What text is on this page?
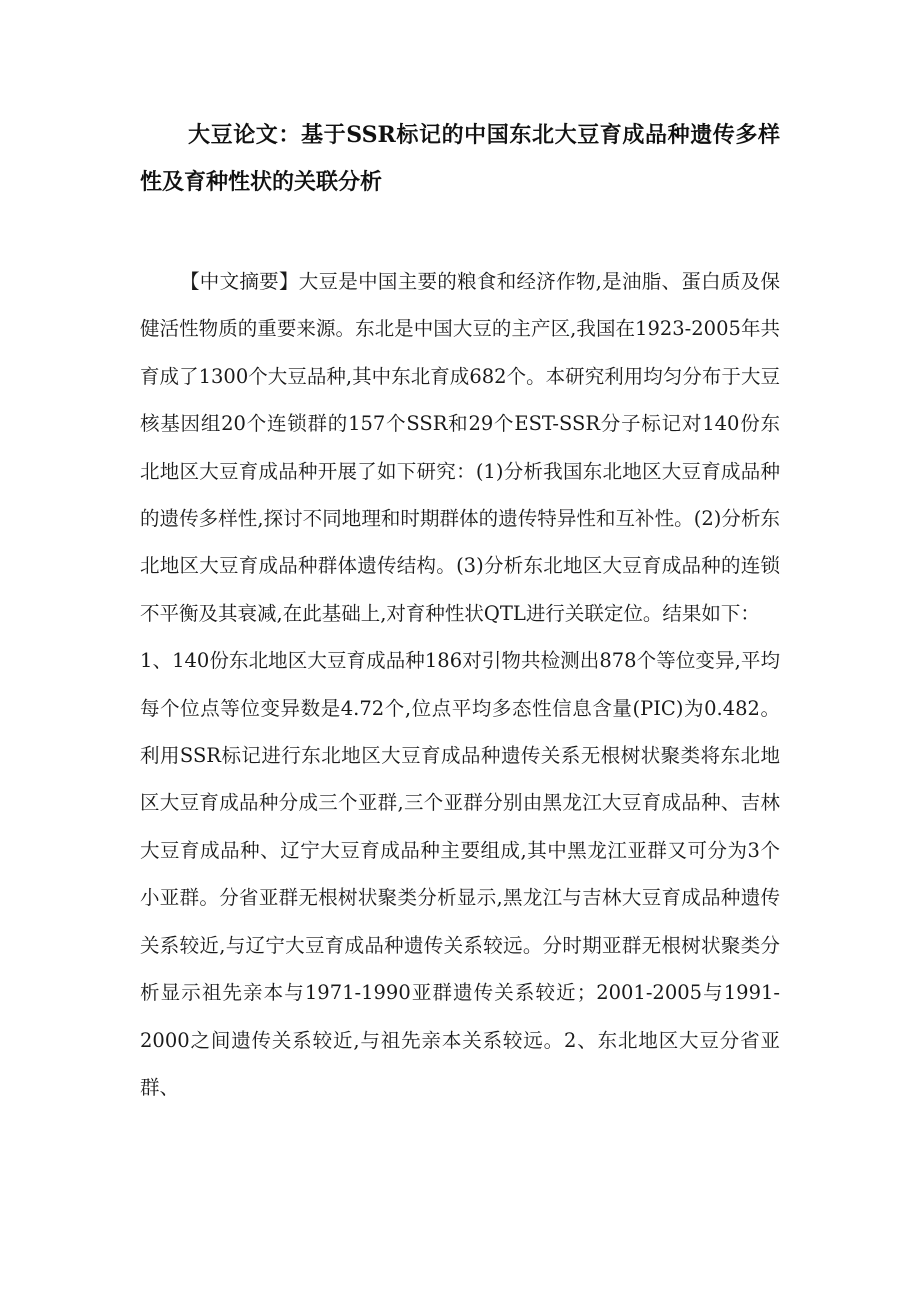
大豆论文：基于SSR标记的中国东北大豆育成品种遗传多样性及育种性状的关联分析

【中文摘要】大豆是中国主要的粮食和经济作物,是油脂、蛋白质及保健活性物质的重要来源。东北是中国大豆的主产区,我国在1923-2005年共育成了1300个大豆品种,其中东北育成682个。本研究利用均匀分布于大豆核基因组20个连锁群的157个SSR和29个EST-SSR分子标记对140份东北地区大豆育成品种开展了如下研究：(1)分析我国东北地区大豆育成品种的遗传多样性,探讨不同地理和时期群体的遗传特异性和互补性。(2)分析东北地区大豆育成品种群体遗传结构。(3)分析东北地区大豆育成品种的连锁不平衡及其衰减,在此基础上,对育种性状QTL进行关联定位。结果如下：

1、140份东北地区大豆育成品种186对引物共检测出878个等位变异,平均每个位点等位变异数是4.72个,位点平均多态性信息含量(PIC)为0.482。利用SSR标记进行东北地区大豆育成品种遗传关系无根树状聚类将东北地区大豆育成品种分成三个亚群,三个亚群分别由黑龙江大豆育成品种、吉林大豆育成品种、辽宁大豆育成品种主要组成,其中黑龙江亚群又可分为3个小亚群。分省亚群无根树状聚类分析显示,黑龙江与吉林大豆育成品种遗传关系较近,与辽宁大豆育成品种遗传关系较远。分时期亚群无根树状聚类分析显示祖先亲本与1971-1990亚群遗传关系较近；2001-2005与1991-2000之间遗传关系较近,与祖先亲本关系较远。2、东北地区大豆分省亚群、
